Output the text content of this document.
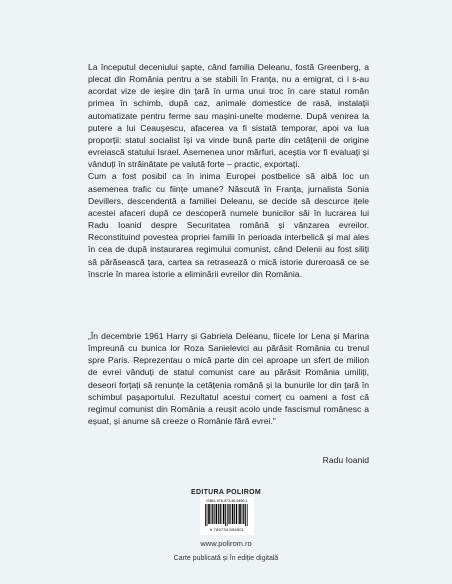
La începutul deceniului șapte, când familia Deleanu, fostă Greenberg, a plecat din România pentru a se stabili în Franța, nu a emigrat, ci i s-au acordat vize de ieșire din țară în urma unui troc în care statul român primea în schimb, după caz, animale domestice de rasă, instalații automatizate pentru ferme sau mașini-unelte moderne. După venirea la putere a lui Ceaușescu, afacerea va fi sistată temporar, apoi va lua proporții: statul socialist își va vinde bună parte din cetățenii de origine evreiască statului Israel. Asemenea unor mărfuri, aceștia vor fi evaluați și vânduți în străinătate pe valută forte – practic, exportați.

Cum a fost posibil ca în inima Europei postbelice să aibă loc un asemenea trafic cu ființe umane? Născută în Franța, jurnalista Sonia Devillers, descendentă a familiei Deleanu, se decide să descurce ițele acestei afaceri după ce descoperă numele bunicilor săi în lucrarea lui Radu Ioanid despre Securitatea română și vânzarea evreilor. Reconstituind povestea propriei familii în perioada interbelică și mai ales în cea de după instaurarea regimului comunist, când Delenii au fost siliți să părăsească țara, cartea sa retrasează o mică istorie dureroasă ce se înscrie în marea istorie a eliminării evreilor din România.

„În decembrie 1961 Harry și Gabriela Deleanu, fiicele lor Lena și Marina împreună cu bunica lor Roza Sanielevici au părăsit România cu trenul spre Paris. Reprezentau o mică parte din cei aproape un sfert de milion de evrei vânduți de statul comunist care au părăsit România umiliți, deseori forțați să renunțe la cetățenia română și la bunurile lor din țară în schimbul pașaportului. Rezultatul acestui comerț cu oameni a fost că regimul comunist din România a reușit acolo unde fascismul românesc a eșuat, și anume să creeze o Românie fără evrei.”

Radu Ioanid
EDITURA POLIROM
ISBN: 978-973-46-9450-1
9 789734 694501
www.polirom.ro
Carte publicată și în ediție digitală
